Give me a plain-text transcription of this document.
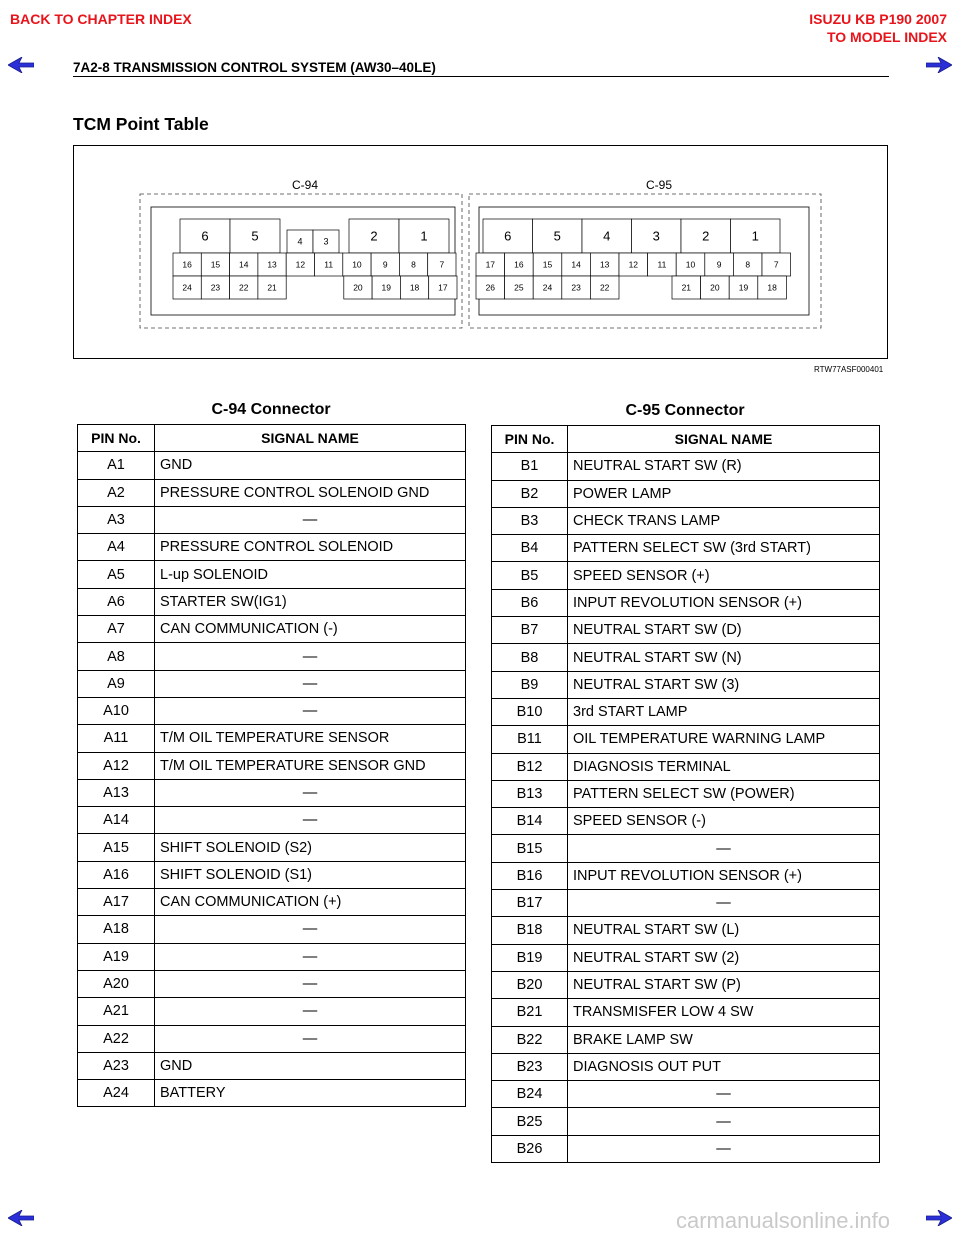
BACK TO CHAPTER INDEX	ISUZU KB P190 2007
TO MODEL INDEX
7A2-8 TRANSMISSION CONTROL SYSTEM (AW30–40LE)
TCM Point Table
C-94	C-95
6	5	4 3	2	1
16 15 14 13 12 11 10 9	8	7
24 23 22 21	20 19 18 17
6	5	4	3	2	1
17 16 15 14 13 12 11 10	9	8	7
26 25 24 23 22	21 20 19 18
RTW77ASF000401
C-94 Connector
PIN No.	SIGNAL NAME
A1	GND
A2	PRESSURE CONTROL SOLENOID GND
A3	—
A4	PRESSURE CONTROL SOLENOID
A5	L-up SOLENOID
A6	STARTER SW(IG1)
A7	CAN COMMUNICATION (-)
A8	—
A9	—
A10	—
A11	T/M OIL TEMPERATURE SENSOR
A12	T/M OIL TEMPERATURE SENSOR GND
A13	—
A14	—
A15	SHIFT SOLENOID (S2)
A16	SHIFT SOLENOID (S1)
A17	CAN COMMUNICATION (+)
A18	—
A19	—
A20	—
A21	—
A22	—
A23	GND
A24	BATTERY
C-95 Connector
PIN No.	SIGNAL NAME
B1	NEUTRAL START SW (R)
B2	POWER LAMP
B3	CHECK TRANS LAMP
B4	PATTERN SELECT SW (3rd START)
B5	SPEED SENSOR (+)
B6	INPUT REVOLUTION SENSOR (+)
B7	NEUTRAL START SW (D)
B8	NEUTRAL START SW (N)
B9	NEUTRAL START SW (3)
B10	3rd START LAMP
B11	OIL TEMPERATURE WARNING LAMP
B12	DIAGNOSIS TERMINAL
B13	PATTERN SELECT SW (POWER)
B14	SPEED SENSOR (-)
B15	—
B16	INPUT REVOLUTION SENSOR (+)
B17	—
B18	NEUTRAL START SW (L)
B19	NEUTRAL START SW (2)
B20	NEUTRAL START SW (P)
B21	TRANSMISFER LOW 4 SW
B22	BRAKE LAMP SW
B23	DIAGNOSIS OUT PUT
B24	—
B25	—
B26	—
carmanualsonline.info
